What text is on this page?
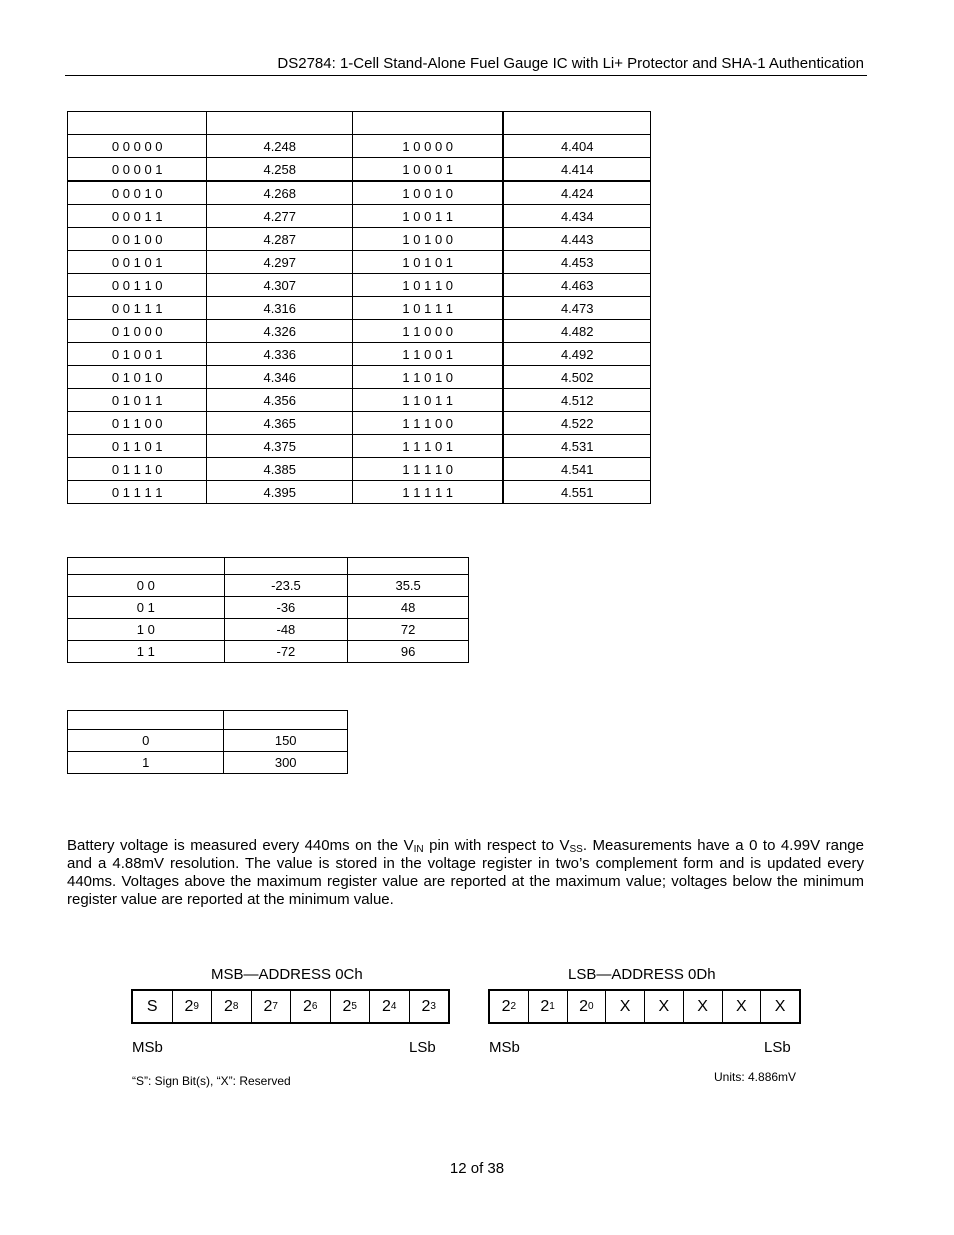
DS2784: 1-Cell Stand-Alone Fuel Gauge IC with Li+ Protector and SHA-1 Authentication

0 0 0 0 0	4.248	1 0 0 0 0	4.404
0 0 0 0 1	4.258	1 0 0 0 1	4.414
0 0 0 1 0	4.268	1 0 0 1 0	4.424
0 0 0 1 1	4.277	1 0 0 1 1	4.434
0 0 1 0 0	4.287	1 0 1 0 0	4.443
0 0 1 0 1	4.297	1 0 1 0 1	4.453
0 0 1 1 0	4.307	1 0 1 1 0	4.463
0 0 1 1 1	4.316	1 0 1 1 1	4.473
0 1 0 0 0	4.326	1 1 0 0 0	4.482
0 1 0 0 1	4.336	1 1 0 0 1	4.492
0 1 0 1 0	4.346	1 1 0 1 0	4.502
0 1 0 1 1	4.356	1 1 0 1 1	4.512
0 1 1 0 0	4.365	1 1 1 0 0	4.522
0 1 1 0 1	4.375	1 1 1 0 1	4.531
0 1 1 1 0	4.385	1 1 1 1 0	4.541
0 1 1 1 1	4.395	1 1 1 1 1	4.551

0 0	-23.5	35.5
0 1	-36	48
1 0	-48	72
1 1	-72	96

0	150
1	300
Battery voltage is measured every 440ms on the $V_{IN}$ pin with respect to $V_{SS}$. Measurements have a 0 to 4.99V range and a 4.88mV resolution. The value is stored in the voltage register in two’s complement form and is updated every 440ms. Voltages above the maximum register value are reported at the maximum value; voltages below the minimum register value are reported at the minimum value.
MSB—ADDRESS 0Ch	LSB—ADDRESS 0Dh
S 2 9 2 8 2 7 2 6 2 5 2 4 2 3	2 2 2 1 2 0 X X X X X
MSb	LSb	MSb	LSb
“S”: Sign Bit(s), “X”: Reserved	Units: 4.886mV
12 of 38
